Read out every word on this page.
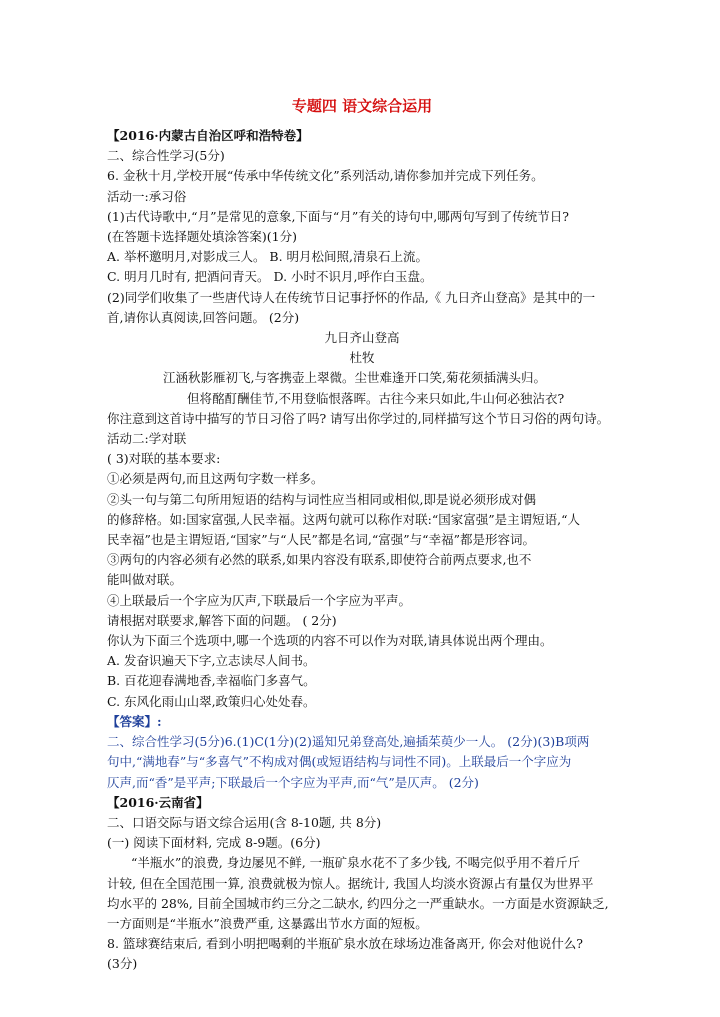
专题四 语文综合运用
【2016·内蒙古自治区呼和浩特卷】
二、综合性学习(5分)
6. 金秋十月,学校开展“传承中华传统文化”系列活动,请你参加并完成下列任务。
活动一:承习俗
(1)古代诗歌中,“月”是常见的意象,下面与“月”有关的诗句中,哪两句写到了传统节日?
(在答题卡选择题处填涂答案)(1分)
A. 举杯邀明月,对影成三人。 B. 明月松间照,清泉石上流。
C. 明月几时有, 把酒问青天。 D. 小时不识月,呼作白玉盘。
(2)同学们收集了一些唐代诗人在传统节日记事抒怀的作品,《 九日齐山登高》是其中的一
首,请你认真阅读,回答问题。 (2分)
九日齐山登高
杜牧
江涵秋影雁初飞,与客携壶上翠微。尘世难逢开口笑,菊花须插满头归。
但将酩酊酬佳节,不用登临恨落晖。古往今来只如此,牛山何必独沾衣?
你注意到这首诗中描写的节日习俗了吗? 请写出你学过的,同样描写这个节日习俗的两句诗。
活动二:学对联
( 3)对联的基本要求:
①必须是两句,而且这两句字数一样多。
②头一句与第二句所用短语的结构与词性应当相同或相似,即是说必须形成对偶
的修辞格。如:国家富强,人民幸福。这两句就可以称作对联:“国家富强”是主谓短语,“人
民幸福”也是主谓短语,“国家”与“人民”都是名词,“富强”与“幸福”都是形容词。
③两句的内容必须有必然的联系,如果内容没有联系,即使符合前两点要求,也不
能叫做对联。
④上联最后一个字应为仄声,下联最后一个字应为平声。
请根据对联要求,解答下面的问题。 ( 2分)
你认为下面三个选项中,哪一个选项的内容不可以作为对联,请具体说出两个理由。
A. 发奋识遍天下字,立志读尽人间书。
B. 百花迎春满地香,幸福临门多喜气。
C. 东风化雨山山翠,政策归心处处春。
【答案】:
二、综合性学习(5分)6.(1)C(1分)(2)遥知兄弟登高处,遍插茱萸少一人。 (2分)(3)B项两
句中,“满地春”与“多喜气”不构成对偶(或短语结构与词性不同)。上联最后一个字应为
仄声,而“香”是平声;下联最后一个字应为平声,而“气”是仄声。 (2分)
【2016·云南省】
二、口语交际与语文综合运用(含 8-10题, 共 8分)
(一) 阅读下面材料, 完成 8-9题。(6分)
“半瓶水”的浪费, 身边屡见不鲜, 一瓶矿泉水花不了多少钱, 不喝完似乎用不着斤斤
计较, 但在全国范围一算, 浪费就极为惊人。据统计, 我国人均淡水资源占有量仅为世界平
均水平的 28%, 目前全国城市约三分之二缺水, 约四分之一严重缺水。一方面是水资源缺乏,
一方面则是“半瓶水”浪费严重, 这暴露出节水方面的短板。
8. 篮球赛结束后, 看到小明把喝剩的半瓶矿泉水放在球场边准备离开, 你会对他说什么?
(3分)
